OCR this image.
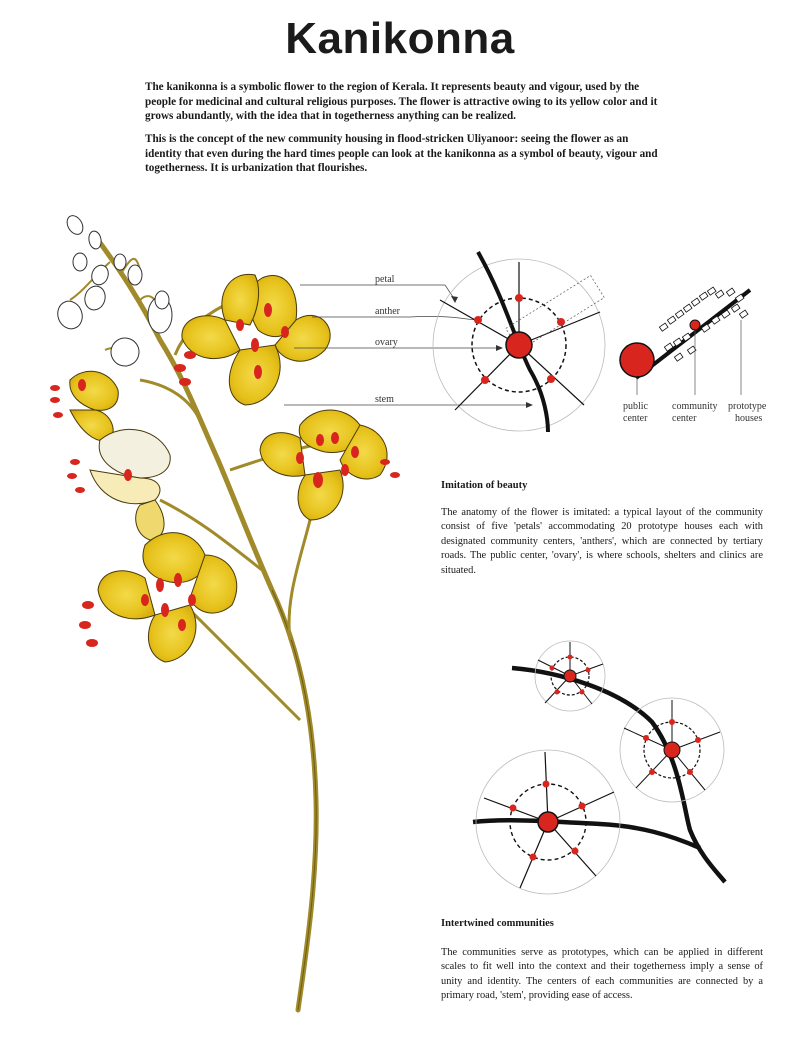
Kanikonna

The kanikonna is a symbolic flower to the region of Kerala. It represents beauty and vigour, used by the people for medicinal and cultural religious purposes. The flower is attractive owing to its yellow color and it grows abundantly, with the idea that in togetherness anything can be realized.

This is the concept of the new community housing in flood-stricken Uliyanoor: seeing the flower as an identity that even during the hard times people can look at the kanikonna as a symbol of beauty, vigour and togetherness. It is urbanization that flourishes.

petal
anther
ovary
stem
public
center
community
center
prototype
houses
Imitation of beauty

The anatomy of the flower is imitated: a typical layout of the community consist of five 'petals' accommodating 20 prototype houses each with designated community centers, 'anthers', which are connected by tertiary roads. The public center, 'ovary', is where schools, shelters and clinics are situated.

Intertwined communities

The communities serve as prototypes, which can be applied in different scales to fit well into the context and their togetherness imply a sense of unity and identity. The centers of each communities are connected by a primary road, 'stem', providing ease of access.
